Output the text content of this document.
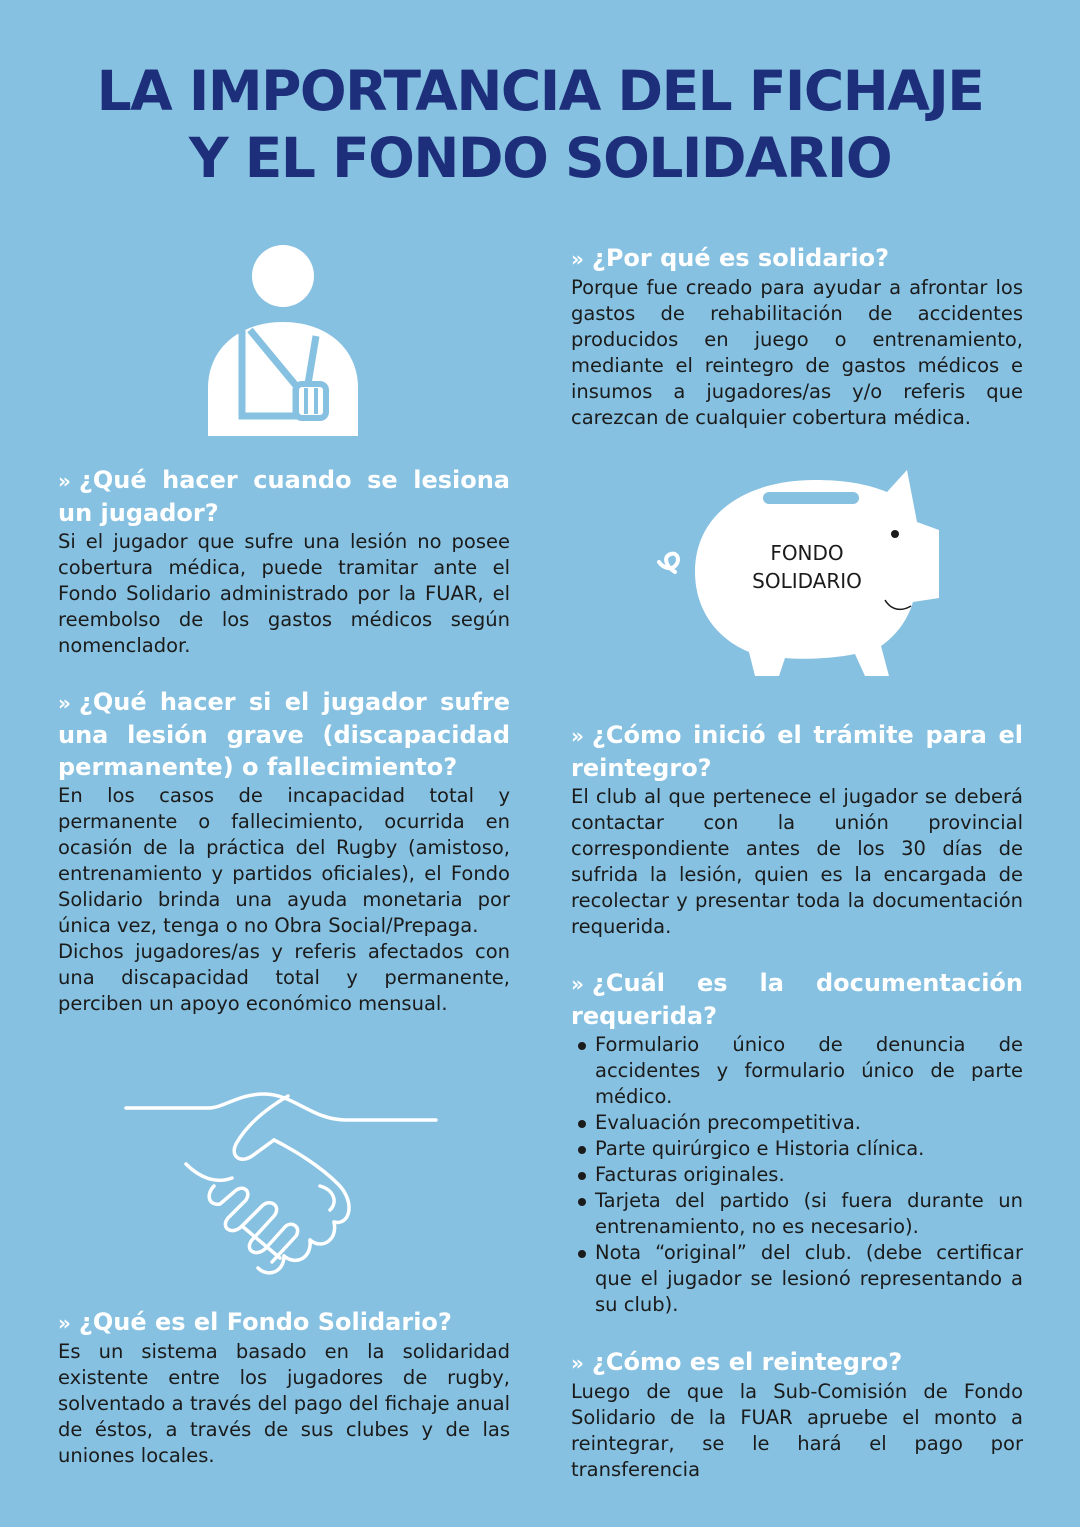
LA IMPORTANCIA DEL FICHAJE
Y EL FONDO SOLIDARIO
FONDO
SOLIDARIO
» ¿Qué hacer cuando se lesiona un jugador?

Si el jugador que sufre una lesión no posee cobertura médica, puede tramitar ante el Fondo Solidario administrado por la FUAR, el reembolso de los gastos médicos según nomenclador.

» ¿Qué hacer si el jugador sufre una lesión grave (discapacidad permanente) o fallecimiento?

En los casos de incapacidad total y permanente o fallecimiento, ocurrida en ocasión de la práctica del Rugby (amistoso, entrenamiento y partidos oficiales), el Fondo Solidario brinda una ayuda monetaria por única vez, tenga o no Obra Social/Prepaga.
Dichos jugadores/as y referis afectados con una discapacidad total y permanente, perciben un apoyo económico mensual.

» ¿Qué es el Fondo Solidario?

Es un sistema basado en la solidaridad existente entre los jugadores de rugby, solventado a través del pago del fichaje anual de éstos, a través de sus clubes y de las uniones locales.

» ¿Por qué es solidario?

Porque fue creado para ayudar a afrontar los gastos de rehabilitación de accidentes producidos en juego o entrenamiento, mediante el reintegro de gastos médicos e insumos a jugadores/as y/o referis que carezcan de cualquier cobertura médica.

» ¿Cómo inició el trámite para el reintegro?

El club al que pertenece el jugador se deberá contactar con la unión provincial correspondiente antes de los 30 días de sufrida la lesión, quien es la encargada de recolectar y presentar toda la documentación requerida.

» ¿Cuál es la documentación requerida?
Formulario único de denuncia de accidentes y formulario único de parte médico.
Evaluación precompetitiva.
Parte quirúrgico e Historia clínica.
Facturas originales.
Tarjeta del partido (si fuera durante un entrenamiento, no es necesario).
Nota “original” del club. (debe certificar que el jugador se lesionó representando a su club).
» ¿Cómo es el reintegro?

Luego de que la Sub-Comisión de Fondo Solidario de la FUAR apruebe el monto a reintegrar, se le hará el pago por transferencia
